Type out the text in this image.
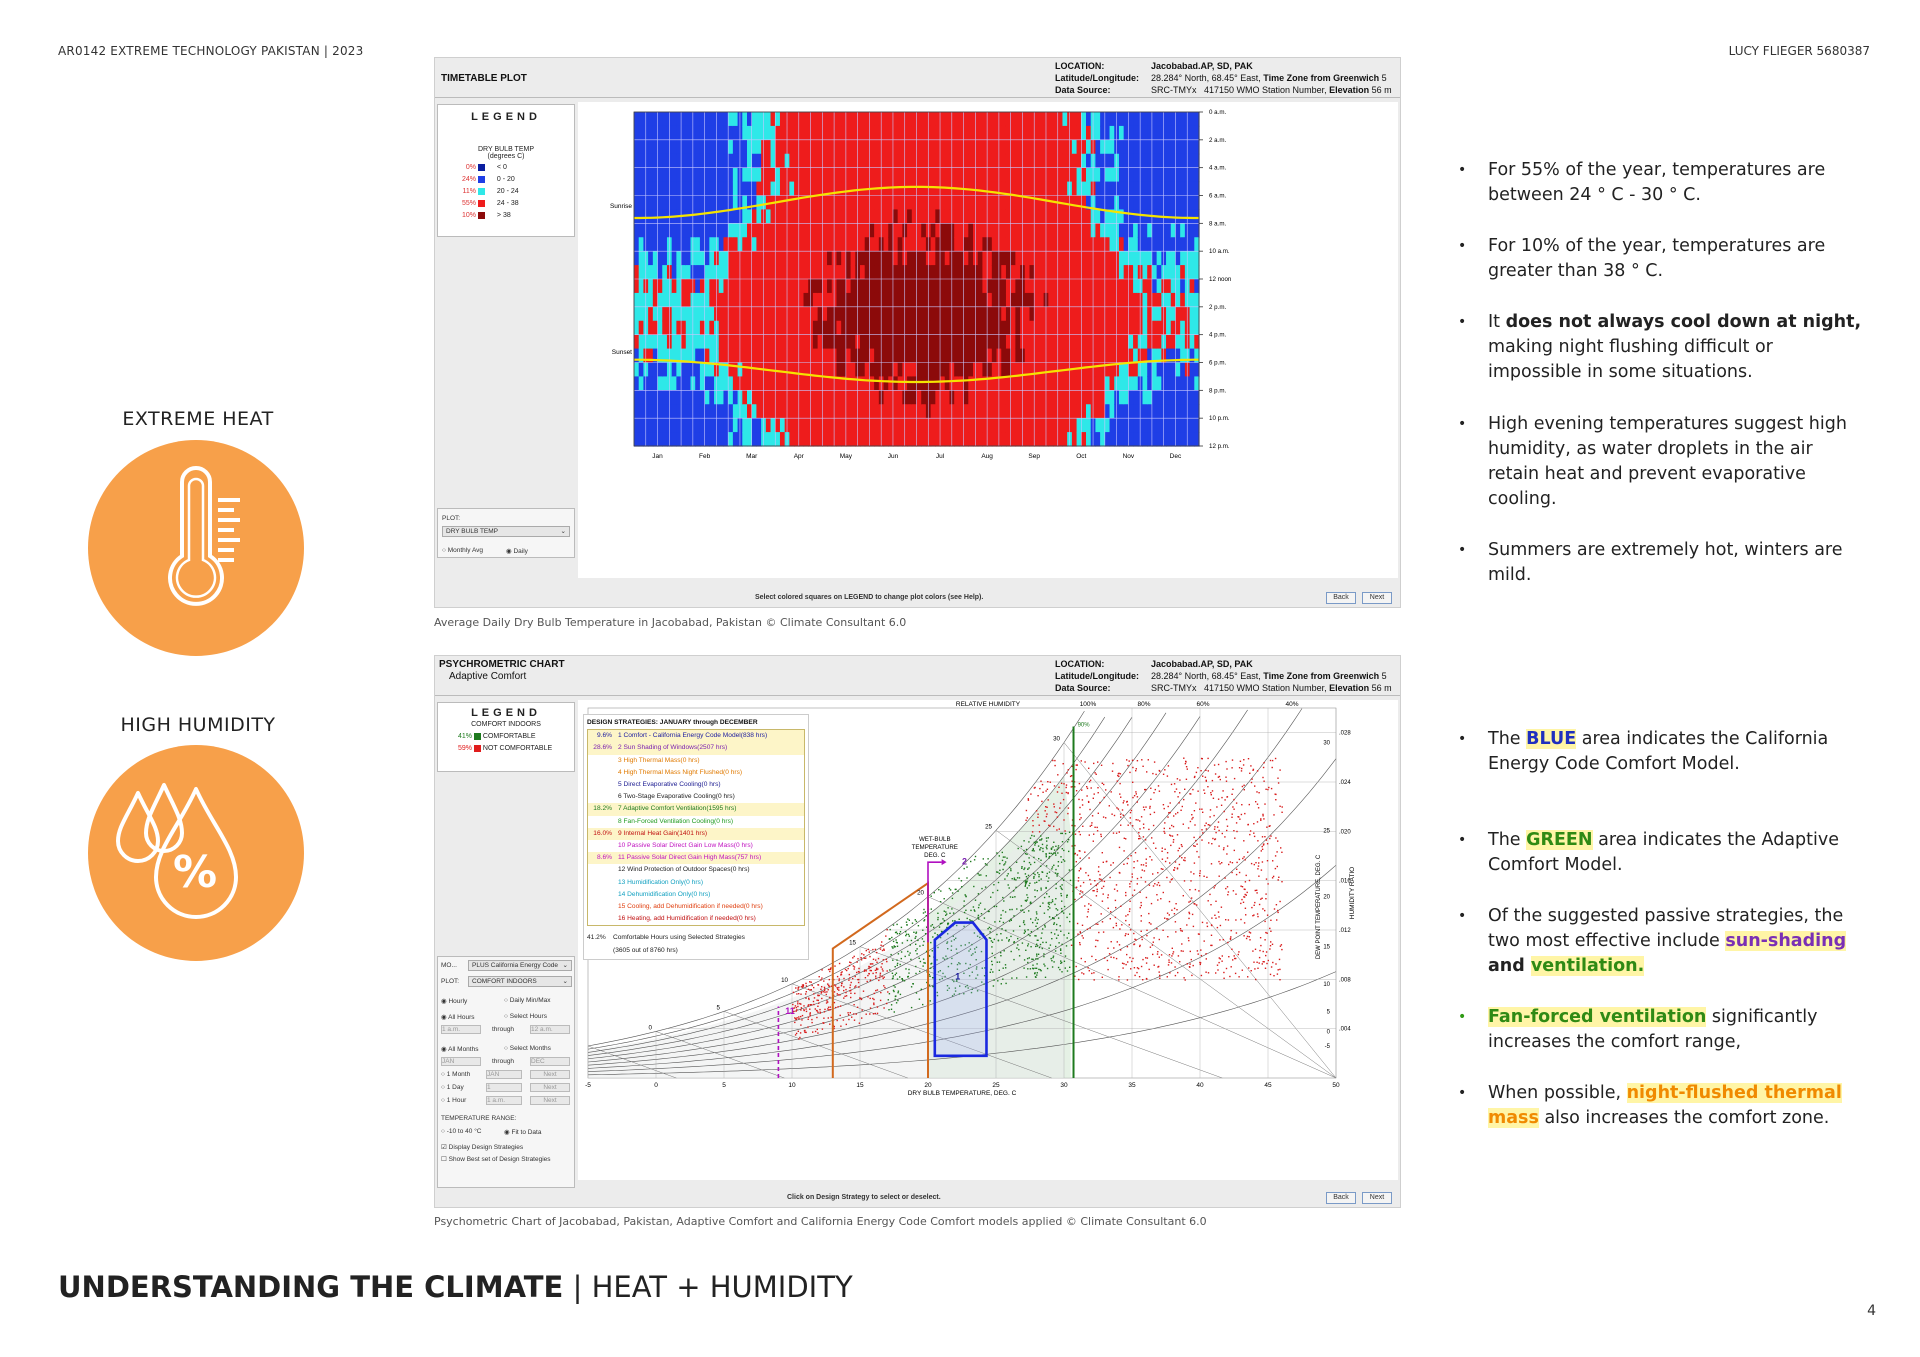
AR0142 EXTREME TECHNOLOGY PAKISTAN | 2023	LUCY FLIEGER 5680387
EXTREME HEAT
HIGH HUMIDITY
%
TIMETABLE PLOT
LOCATION:	Jacobabad.AP, SD, PAK
Latitude/Longitude: 28.284° North, 68.45° East, Time Zone from Greenwich 5
Data Source:	SRC-TMYx 417150 WMO Station Number, Elevation 56 m
LEGEND
DRY BULB TEMP
(degrees C)
0%	< 0
24%	0 - 20
11%	20 - 24
55%	24 - 38
10%	> 38
PLOT:
DRY BULB TEMP	⌄
○ Monthly Avg	◉ Daily
Sunrise
Sunset
Jan	Feb	Mar	Apr	May	Jun	Jul	Aug	Sep	Oct	Nov	Dec
0 a.m.
2 a.m.
4 a.m.
6 a.m.
8 a.m.
10 a.m.
12 noon
2 p.m.
4 p.m.
6 p.m.
8 p.m.
10 p.m.
12 p.m.
Select colored squares on LEGEND to change plot colors (see Help).	Back	Next
Average Daily Dry Bulb Temperature in Jacobabad, Pakistan © Climate Consultant 6.0
PSYCHROMETRIC CHART
Adaptive Comfort
LOCATION:	Jacobabad.AP, SD, PAK
Latitude/Longitude: 28.284° North, 68.45° East, Time Zone from Greenwich 5
Data Source:	SRC-TMYx 417150 WMO Station Number, Elevation 56 m
LEGEND
COMFORT INDOORS
41% COMFORTABLE
59% NOT COMFORTABLE
MO...	PLUS California Energy Code ⌄
PLOT:	COMFORT INDOORS	⌄
◉ Hourly	○ Daily Min/Max
◉ All Hours	○ Select Hours
1 a.m.	through	12 a.m.
◉ All Months	○ Select Months
JAN	through	DEC
○ 1 Month	JAN	Next
○ 1 Day	1	Next
○ 1 Hour	1 a.m.	Next
TEMPERATURE RANGE:
○ -10 to 40 °C	◉ Fit to Data
☑ Display Design Strategies
☐ Show Best set of Design Strategies
2
7
1
11
-5	0	5	10	15	20	25	30	35	40	45	50
DRY BULB TEMPERATURE, DEG. C
.028
.024
.020
.016
.012
.008
.004
HUMIDITY RATIO
DEW POINT TEMPERATURE, DEG. C
30
25
20
15
10
5
0
-5
WET-BULB
TEMPERATURE
DEG. C
0
5
10
15
20
25
30
90%
RELATIVE HUMIDITY	100%	80%	60%	40%
DESIGN STRATEGIES: JANUARY through DECEMBER
9.6% 1 Comfort - California Energy Code Model(838 hrs)
28.6% 2 Sun Shading of Windows(2507 hrs)
3 High Thermal Mass(0 hrs)
4 High Thermal Mass Night Flushed(0 hrs)
5 Direct Evaporative Cooling(0 hrs)
6 Two-Stage Evaporative Cooling(0 hrs)
18.2% 7 Adaptive Comfort Ventilation(1595 hrs)
8 Fan-Forced Ventilation Cooling(0 hrs)
16.0% 9 Internal Heat Gain(1401 hrs)
10 Passive Solar Direct Gain Low Mass(0 hrs)
8.6% 11 Passive Solar Direct Gain High Mass(757 hrs)
12 Wind Protection of Outdoor Spaces(0 hrs)
13 Humidification Only(0 hrs)
14 Dehumidification Only(0 hrs)
15 Cooling, add Dehumidification if needed(0 hrs)
16 Heating, add Humidification if needed(0 hrs)
41.2% Comfortable Hours using Selected Strategies
(3605 out of 8760 hrs)
Click on Design Strategy to select or deselect.	Back	Next
Psychometric Chart of Jacobabad, Pakistan, Adaptive Comfort and California Energy Code Comfort models applied © Climate Consultant 6.0
• For 55% of the year, temperatures are between 24 ° C - 30 ° C.
• For 10% of the year, temperatures are greater than 38 ° C.
• It does not always cool down at night, making night flushing difficult or impossible in some situations.
• High evening temperatures suggest high humidity, as water droplets in the air retain heat and prevent evaporative cooling.
• Summers are extremely hot, winters are mild.
• The BLUE area indicates the California Energy Code Comfort Model.
• The GREEN area indicates the Adaptive Comfort Model.
• Of the suggested passive strategies, the two most effective include sun-shading and ventilation.
• Fan-forced ventilation significantly increases the comfort range,
• When possible, night-flushed thermal mass also increases the comfort zone.
UNDERSTANDING THE CLIMATE | HEAT + HUMIDITY
4
